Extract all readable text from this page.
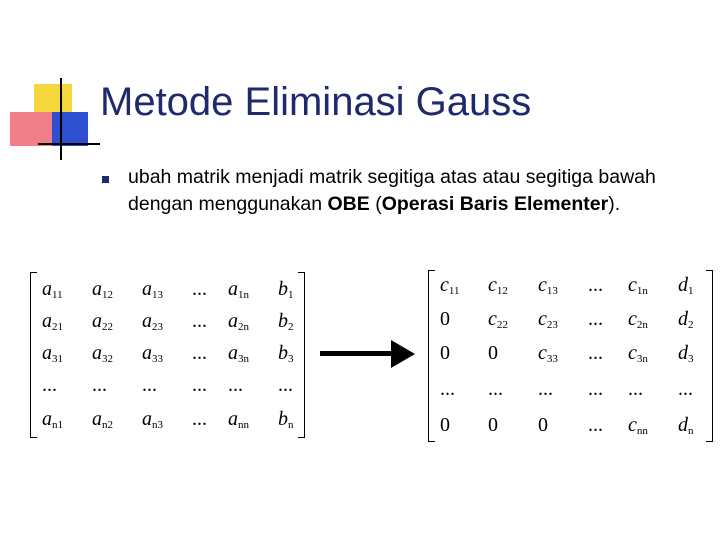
Metode Eliminasi Gauss
ubah matrik menjadi matrik segitiga atas atau segitiga bawah dengan menggunakan OBE (Operasi Baris Elementer).
$a_{11}$ $a_{12}$ $a_{13}$ ... $a_{1n}$ $b_1$
$a_{21}$ $a_{22}$ $a_{23}$ ... $a_{2n}$ $b_2$
$a_{31}$ $a_{32}$ $a_{33}$ ... $a_{3n}$ $b_3$
... ... ... ... ... ...
$a_{n1}$ $a_{n2}$ $a_{n3}$ ... $a_{nn}$ $b_n$
$c_{11}$ $c_{12}$ $c_{13}$ ... $c_{1n}$ $d_1$
0 $c_{22}$ $c_{23}$ ... $c_{2n}$ $d_2$
0 0 $c_{33}$ ... $c_{3n}$ $d_3$
... ... ... ... ... ...
0 0 0 ... $c_{nn}$ $d_n$
